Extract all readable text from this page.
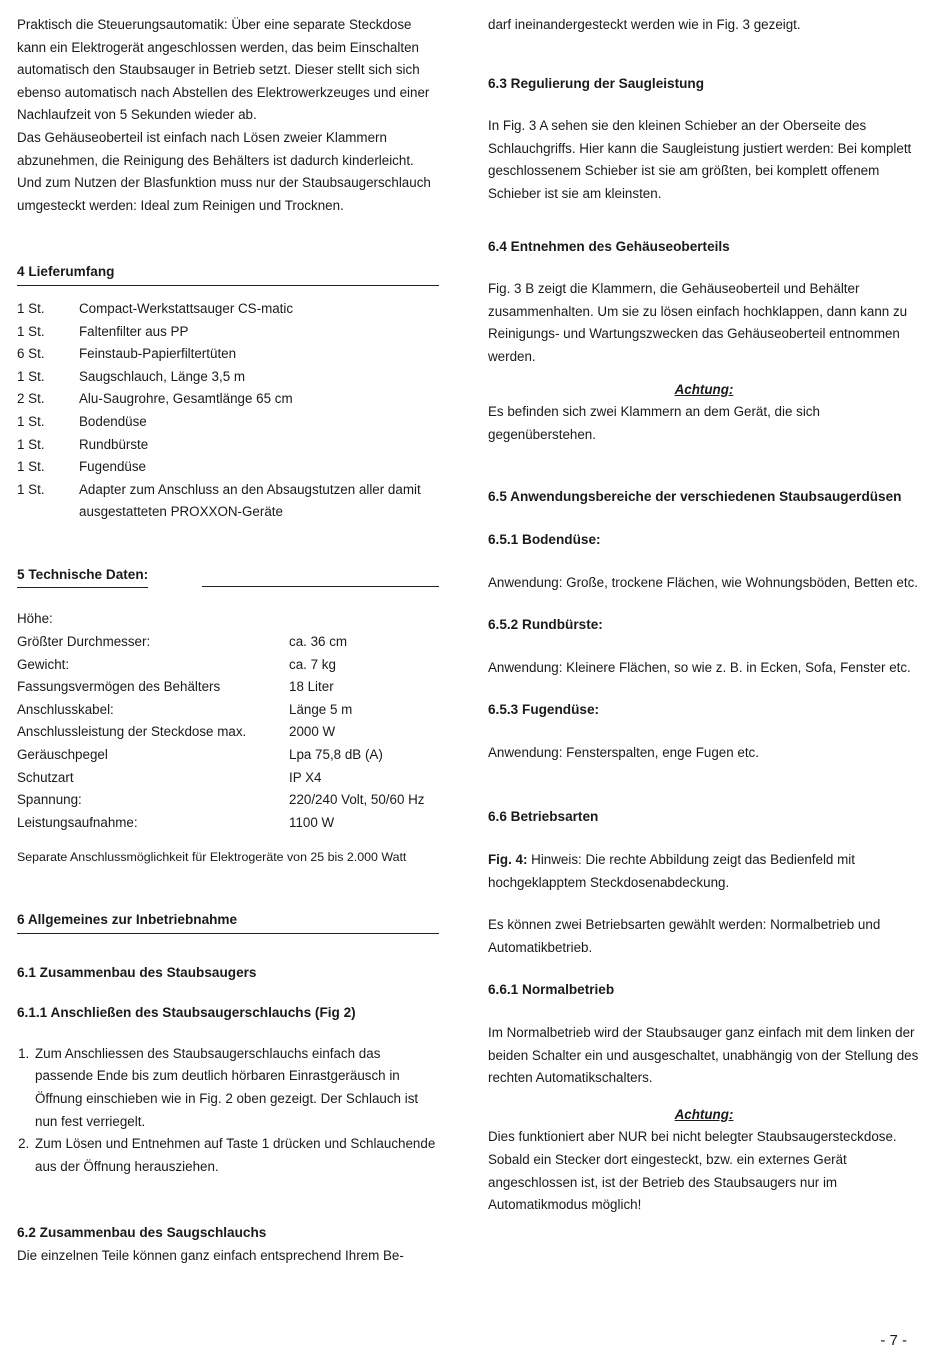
Praktisch die Steuerungsautomatik: Über eine separate Steckdose kann ein Elektrogerät angeschlossen werden, das beim Einschalten automatisch den Staubsauger in Betrieb setzt. Dieser stellt sich sich ebenso automatisch nach Abstellen des Elektrowerkzeuges und einer Nachlaufzeit von 5 Sekunden wieder ab.

Das Gehäuseoberteil ist einfach nach Lösen zweier Klammern abzunehmen, die Reinigung des Behälters ist dadurch kinderleicht.

Und zum Nutzen der Blasfunktion muss nur der Staubsaugerschlauch umgesteckt werden: Ideal zum Reinigen und Trocknen.

4 Lieferumfang

1 St.	Compact-Werkstattsauger CS-matic
1 St.	Faltenfilter aus PP
6 St.	Feinstaub-Papierfiltertüten
1 St.	Saugschlauch, Länge 3,5 m
2 St.	Alu-Saugrohre, Gesamtlänge 65 cm
1 St.	Bodendüse
1 St.	Rundbürste
1 St.	Fugendüse
1 St.	Adapter zum Anschluss an den Absaugstutzen aller damit ausgestatteten PROXXON-Geräte

5 Technische Daten:

Höhe:
Größter Durchmesser:	ca. 36 cm
Gewicht:	ca. 7 kg
Fassungsvermögen des Behälters	18 Liter
Anschlusskabel:	Länge 5 m
Anschlussleistung der Steckdose max.	2000 W
Geräuschpegel	Lpa 75,8 dB (A)
Schutzart	IP X4
Spannung:	220/240 Volt, 50/60 Hz
Leistungsaufnahme:	1100 W

Separate Anschlussmöglichkeit für Elektrogeräte von 25 bis 2.000 Watt

6 Allgemeines zur Inbetriebnahme

6.1 Zusammenbau des Staubsaugers

6.1.1 Anschließen des Staubsaugerschlauchs (Fig 2)

1. Zum Anschliessen des Staubsaugerschlauchs einfach das passende Ende bis zum deutlich hörbaren Einrastgeräusch in Öffnung einschieben wie in Fig. 2 oben gezeigt. Der Schlauch ist nun fest verriegelt.
2. Zum Lösen und Entnehmen auf Taste 1 drücken und Schlauchende aus der Öffnung herausziehen.

6.2 Zusammenbau des Saugschlauchs

Die einzelnen Teile können ganz einfach entsprechend Ihrem Be-

darf ineinandergesteckt werden wie in Fig. 3 gezeigt.

6.3 Regulierung der Saugleistung

In Fig. 3 A sehen sie den kleinen Schieber an der Oberseite des Schlauchgriffs. Hier kann die Saugleistung justiert werden: Bei komplett geschlossenem Schieber ist sie am größten, bei komplett offenem Schieber ist sie am kleinsten.

6.4 Entnehmen des Gehäuseoberteils

Fig. 3 B zeigt die Klammern, die Gehäuseoberteil und Behälter zusammenhalten. Um sie zu lösen einfach hochklappen, dann kann zu Reinigungs- und Wartungszwecken das Gehäuseoberteil entnommen werden.

Achtung:

Es befinden sich zwei Klammern an dem Gerät, die sich gegenüberstehen.

6.5 Anwendungsbereiche der verschiedenen Staubsaugerdüsen

6.5.1 Bodendüse:

Anwendung: Große, trockene Flächen, wie Wohnungsböden, Betten etc.

6.5.2 Rundbürste:

Anwendung: Kleinere Flächen, so wie z. B. in Ecken, Sofa, Fenster etc.

6.5.3 Fugendüse:

Anwendung: Fensterspalten, enge Fugen etc.

6.6 Betriebsarten

Fig. 4: Hinweis: Die rechte Abbildung zeigt das Bedienfeld mit hochgeklapptem Steckdosenabdeckung.

Es können zwei Betriebsarten gewählt werden: Normalbetrieb und Automatikbetrieb.

6.6.1 Normalbetrieb

Im Normalbetrieb wird der Staubsauger ganz einfach mit dem linken der beiden Schalter ein und ausgeschaltet, unabhängig von der Stellung des rechten Automatikschalters.

Achtung:

Dies funktioniert aber NUR bei nicht belegter Staubsaugersteckdose. Sobald ein Stecker dort eingesteckt, bzw. ein externes Gerät angeschlossen ist, ist der Betrieb des Staubsaugers nur im Automatikmodus möglich!

- 7 -
